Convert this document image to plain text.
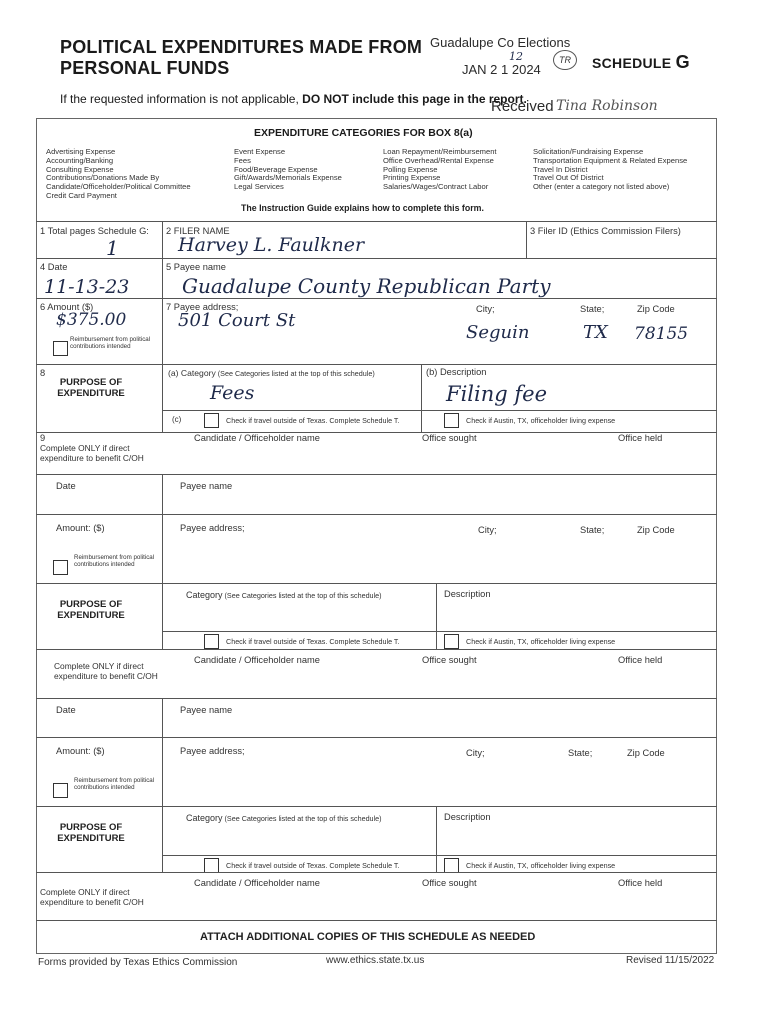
POLITICAL EXPENDITURES MADE FROM
PERSONAL FUNDS
Guadalupe Co Elections
JAN 2 1 2024
12	TR
Received Tina Robinson
SCHEDULE G
If the requested information is not applicable, DO NOT include this page in the report.
EXPENDITURE CATEGORIES FOR BOX 8(a)
Advertising Expense
Accounting/Banking
Consulting Expense
Contributions/Donations Made By
Candidate/Officeholder/Political Committee
Credit Card Payment
Event Expense
Fees
Food/Beverage Expense
Gift/Awards/Memorials Expense
Legal Services
Loan Repayment/Reimbursement
Office Overhead/Rental Expense
Polling Expense
Printing Expense
Salaries/Wages/Contract Labor
Solicitation/Fundraising Expense
Transportation Equipment & Related Expense
Travel In District
Travel Out Of District
Other (enter a category not listed above)
The Instruction Guide explains how to complete this form.
1 Total pages Schedule G:
1
2 FILER NAME
Harvey L. Faulkner
3 Filer ID (Ethics Commission Filers)
4 Date
11-13-23
5 Payee name
Guadalupe County Republican Party
6 Amount ($)
$375.00
Reimbursement from political contributions intended
7 Payee address;
501 Court St
City;
Seguin
State;
TX
Zip Code
78155
8
PURPOSE OF EXPENDITURE
(a) Category (See Categories listed at the top of this schedule)
Fees
(b) Description
Filing fee
(c)	Check if travel outside of Texas. Complete Schedule T.	Check if Austin, TX, officeholder living expense
9
Complete ONLY if direct expenditure to benefit C/OH
Candidate / Officeholder name	Office sought	Office held
Date	Payee name
Amount: ($)
Reimbursement from political contributions intended
Payee address;	City;	State;	Zip Code
PURPOSE OF EXPENDITURE
Category (See Categories listed at the top of this schedule)	Description
Check if travel outside of Texas. Complete Schedule T.	Check if Austin, TX, officeholder living expense
Complete ONLY if direct expenditure to benefit C/OH
Candidate / Officeholder name	Office sought	Office held
Date	Payee name
Amount: ($)
Reimbursement from political contributions intended
Payee address;	City;	State;	Zip Code
PURPOSE OF EXPENDITURE
Category (See Categories listed at the top of this schedule)	Description
Check if travel outside of Texas. Complete Schedule T.	Check if Austin, TX, officeholder living expense
Complete ONLY if direct expenditure to benefit C/OH
Candidate / Officeholder name	Office sought	Office held
ATTACH ADDITIONAL COPIES OF THIS SCHEDULE AS NEEDED
Forms provided by Texas Ethics Commission	www.ethics.state.tx.us	Revised 11/15/2022
